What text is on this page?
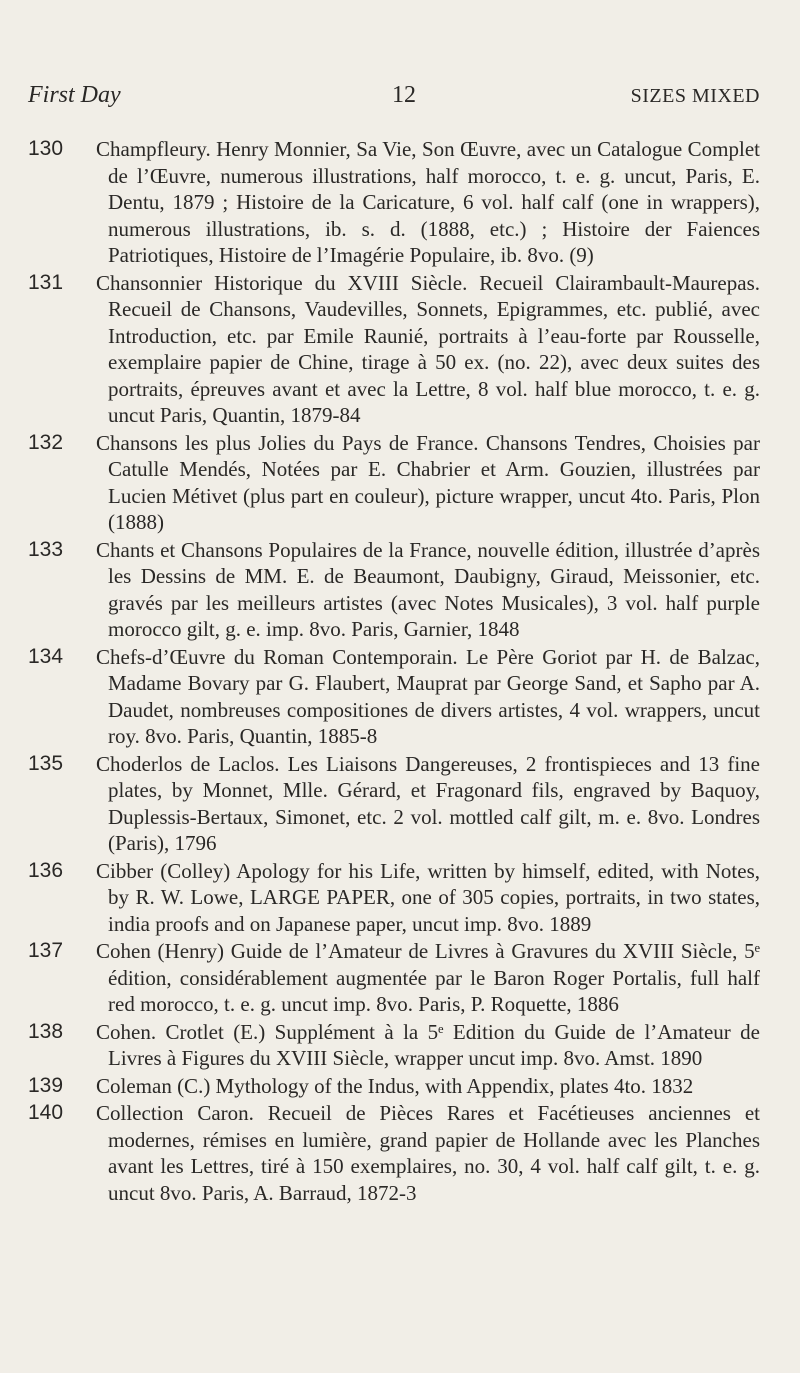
First Day	12	SIZES MIXED
130	Champfleury. Henry Monnier, Sa Vie, Son Œuvre, avec un Catalogue Complet de l’Œuvre, numerous illustrations, half morocco, t. e. g. uncut, Paris, E. Dentu, 1879 ; Histoire de la Caricature, 6 vol. half calf (one in wrappers), numerous illustrations, ib. s. d. (1888, etc.) ; Histoire der Faiences Patriotiques, Histoire de l’Imagérie Populaire, ib. 8vo. (9)
131	Chansonnier Historique du XVIII Siècle. Recueil Clairambault-Maurepas. Recueil de Chansons, Vaudevilles, Sonnets, Epigrammes, etc. publié, avec Introduction, etc. par Emile Raunié, portraits à l’eau-forte par Rousselle, exemplaire papier de Chine, tirage à 50 ex. (no. 22), avec deux suites des portraits, épreuves avant et avec la Lettre, 8 vol. half blue morocco, t. e. g. uncut Paris, Quantin, 1879-84
132	Chansons les plus Jolies du Pays de France. Chansons Tendres, Choisies par Catulle Mendés, Notées par E. Chabrier et Arm. Gouzien, illustrées par Lucien Métivet (plus part en couleur), picture wrapper, uncut 4to. Paris, Plon (1888)
133	Chants et Chansons Populaires de la France, nouvelle édition, illustrée d’après les Dessins de MM. E. de Beaumont, Daubigny, Giraud, Meissonier, etc. gravés par les meilleurs artistes (avec Notes Musicales), 3 vol. half purple morocco gilt, g. e. imp. 8vo. Paris, Garnier, 1848
134	Chefs-d’Œuvre du Roman Contemporain. Le Père Goriot par H. de Balzac, Madame Bovary par G. Flaubert, Mauprat par George Sand, et Sapho par A. Daudet, nombreuses compositiones de divers artistes, 4 vol. wrappers, uncut roy. 8vo. Paris, Quantin, 1885-8
135	Choderlos de Laclos. Les Liaisons Dangereuses, 2 frontispieces and 13 fine plates, by Monnet, Mlle. Gérard, et Fragonard fils, engraved by Baquoy, Duplessis-Bertaux, Simonet, etc. 2 vol. mottled calf gilt, m. e. 8vo. Londres (Paris), 1796
136	Cibber (Colley) Apology for his Life, written by himself, edited, with Notes, by R. W. Lowe, LARGE PAPER, one of 305 copies, portraits, in two states, india proofs and on Japanese paper, uncut imp. 8vo. 1889
137	Cohen (Henry) Guide de l’Amateur de Livres à Gravures du XVIII Siècle, 5ᵉ édition, considérablement augmentée par le Baron Roger Portalis, full half red morocco, t. e. g. uncut imp. 8vo. Paris, P. Roquette, 1886
138	Cohen. Crotlet (E.) Supplément à la 5ᵉ Edition du Guide de l’Amateur de Livres à Figures du XVIII Siècle, wrapper uncut imp. 8vo. Amst. 1890
139	Coleman (C.) Mythology of the Indus, with Appendix, plates 4to. 1832
140	Collection Caron. Recueil de Pièces Rares et Facétieuses anciennes et modernes, rémises en lumière, grand papier de Hollande avec les Planches avant les Lettres, tiré à 150 exemplaires, no. 30, 4 vol. half calf gilt, t. e. g. uncut 8vo. Paris, A. Barraud, 1872-3
